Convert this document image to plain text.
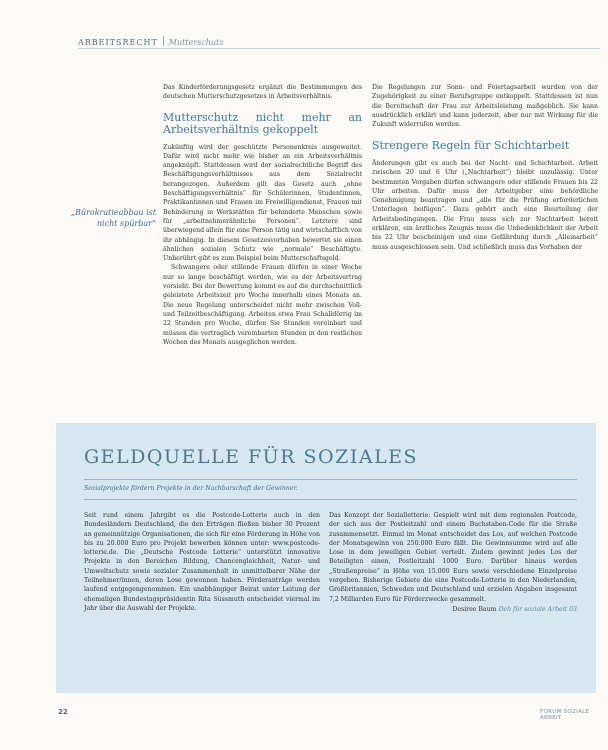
ARBEITSRECHT Mutterschutz
„Bürokratieabbau ist nicht spürbar“

Das Kinderförderungsgesetz ergänzt die Bestimmungen des deutschen Mutterschutzgesetzes in Arbeitsverhältnis.

Mutterschutz nicht mehr an Arbeitsverhältnis gekoppelt

Zukünftig wird der geschützte Personenkreis ausgeweitet. Dafür wird nicht mehr wie bisher an ein Arbeitsverhältnis angeknüpft. Stattdessen wird der sozialrechtliche Begriff des Beschäftigungsverhältnisses aus dem Sozialrecht herangezogen. Außerdem gilt das Gesetz auch „ohne Beschäftigungsverhältnis“ für Schülerinnen, Studentinnen, Praktikantinnen und Frauen im Freiwilligendienst, Frauen mit Behinderung in Werkstätten für behinderte Menschen sowie für „arbeitnehmerähnliche Personen“. Letztere sind überwiegend allein für eine Person tätig und wirtschaftlich von ihr abhängig. In diesem Gesetzesvorhaben bewertet sie einen ähnlichen sozialen Schutz wie „normale“ Beschäftigte. Unberührt gibt es zum Beispiel beim Mutterschaftsgeld.

Schwangere oder stillende Frauen dürfen in einer Woche nur so lange beschäftigt werden, wie es der Arbeitsvertrag vorsieht. Bei der Bewertung kommt es auf die durchschnittlich geleistete Arbeitszeit pro Woche innerhalb eines Monats an. Die neue Regelung unterscheidet nicht mehr zwischen Voll- und Teilzeitbeschäftigung. Arbeiten etwa Frau Schalldörrig im 22 Stunden pro Woche, dürfen Sie Stunden vereinbart und müssen die vertraglich vereinbarten Stunden in den restlichen Wochen des Monats ausgeglichen werden.

Die Regelungen zur Sonn- und Feiertagsarbeit wurden von der Zugehörigkeit zu einer Berufsgruppe entkoppelt. Stattdessen ist nun die Bereitschaft der Frau zur Arbeitsleistung maßgeblich. Sie kann ausdrücklich erklärt und kann jederzeit, aber nur mit Wirkung für die Zukunft widerrufen werden.

Strengere Regeln für Schichtarbeit

Änderungen gibt es auch bei der Nacht- und Schichtarbeit. Arbeit zwischen 20 und 6 Uhr („Nachtarbeit“) bleibt unzulässig. Unter bestimmten Vorgaben dürfen schwangere oder stillende Frauen bis 22 Uhr arbeiten. Dafür muss der Arbeitgeber eine behördliche Genehmigung beantragen und „alle für die Prüfung erforderlichen Unterlagen beifügen“. Dazu gehört auch eine Beurteilung der Arbeitsbedingungen. Die Frau muss sich zur Nachtarbeit bereit erklären, ein ärztliches Zeugnis muss die Unbedenklichkeit der Arbeit bis 22 Uhr bescheinigen und eine Gefährdung durch „Alleinarbeit“ muss ausgeschlossen sein. Und schließlich muss das Vorhaben der

GELDQUELLE FÜR SOZIALES
Sozialprojekte fördern Projekte in der Nachbarschaft der Gewinner.

Seit rund einem Jahrgibt es die Postcode-Lotterie auch in den Bundesländern Deutschland, die den Erträgen fließen bisher 30 Prozent an gemeinnützige Organisationen, die sich für eine Förderung in Höhe von bis zu 20.000 Euro pro Projekt bewerben können unter: www.postcode-lotterie.de. Die „Deutsche Postcode Lotterie“ unterstützt innovative Projekte in den Bereichen Bildung, Chancengleichheit, Natur- und Umweltschutz sowie sozialer Zusammenhalt in unmittelbarer Nähe der Teilnehmer/innen, deren Lose gewonnen haben. Förderanträge werden laufend entgegengenommen. Ein unabhängiger Beirat unter Leitung der ehemaligen Bundestagspräsidentin Rita Süssmuth entscheidet viermal im Jahr über die Auswahl der Projekte.

Das Konzept der Sozialletterie: Gespielt wird mit dem regionalen Postcode, der sich aus der Postleitzahl und einem Buchstaben-Code für die Straße zusammensetzt. Einmal im Monat entscheidet das Los, auf welchen Postcode der Monatsgewinn von 250.000 Euro fällt. Die Gewinnsumme wird auf alle Lose in dem jeweiligen Gebiet verteilt. Zudem gewinnt jedes Los der Beteiligten einen, Postleitzahl 1000 Euro. Darüber hinaus werden „Straßenpreise“ in Höhe von 15.000 Euro sowie verschiedene Einzelpreise vergeben. Bisherige Gebiete die eine Postcode-Lotterie in den Niederlanden, Großbritannien, Schweden und Deutschland und erzielen Angaben insgesamt 7,2 Milliarden Euro für Förderzwecke gesammelt.

Desiree Baum Deb für soziale Arbeit 03

22	FORUM SOZIALE ARBEIT
